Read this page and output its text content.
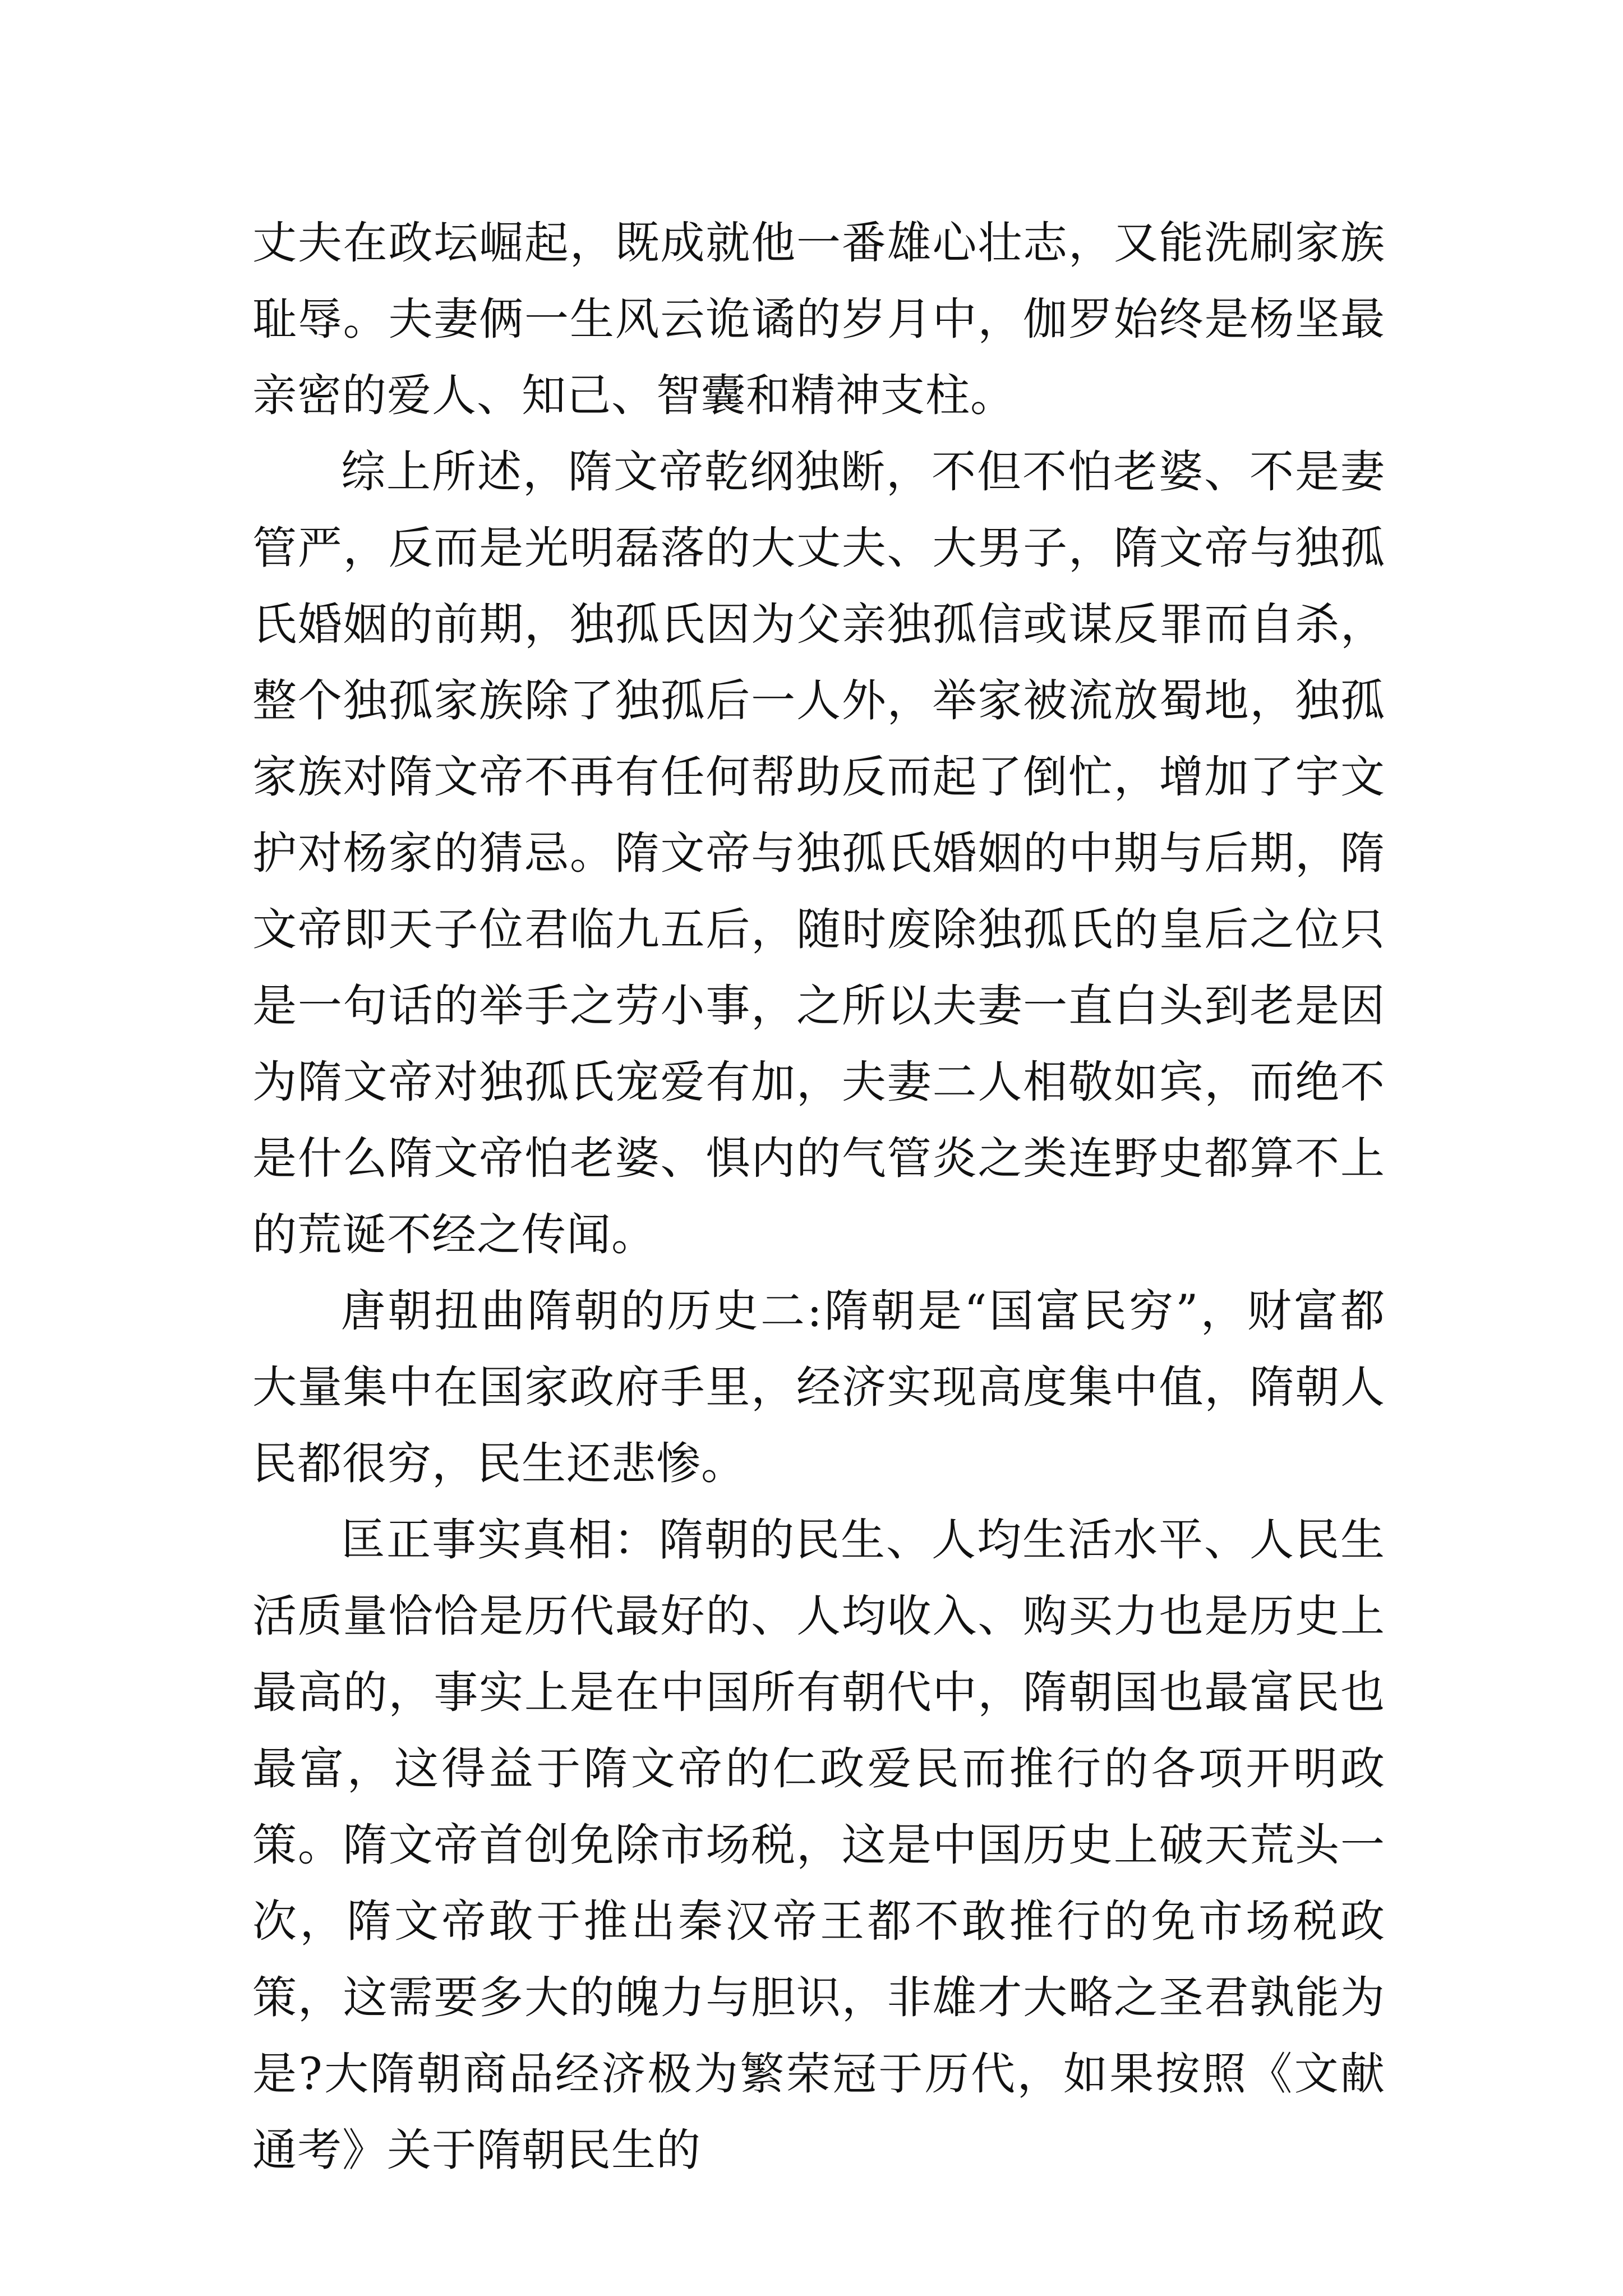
丈夫在政坛崛起，既成就他一番雄心壮志，又能洗刷家族耻辱。夫妻俩一生风云诡谲的岁月中，伽罗始终是杨坚最亲密的爱人、知己、智囊和精神支柱。

综上所述，隋文帝乾纲独断，不但不怕老婆、不是妻管严，反而是光明磊落的大丈夫、大男子，隋文帝与独孤氏婚姻的前期，独孤氏因为父亲独孤信或谋反罪而自杀，整个独孤家族除了独孤后一人外，举家被流放蜀地，独孤家族对隋文帝不再有任何帮助反而起了倒忙，增加了宇文护对杨家的猜忌。隋文帝与独孤氏婚姻的中期与后期，隋文帝即天子位君临九五后，随时废除独孤氏的皇后之位只是一句话的举手之劳小事，之所以夫妻一直白头到老是因为隋文帝对独孤氏宠爱有加，夫妻二人相敬如宾，而绝不是什么隋文帝怕老婆、惧内的气管炎之类连野史都算不上的荒诞不经之传闻。

唐朝扭曲隋朝的历史二:隋朝是“国富民穷”，财富都大量集中在国家政府手里，经济实现高度集中值，隋朝人民都很穷，民生还悲惨。

匡正事实真相：隋朝的民生、人均生活水平、人民生活质量恰恰是历代最好的、人均收入、购买力也是历史上最高的，事实上是在中国所有朝代中，隋朝国也最富民也最富，这得益于隋文帝的仁政爱民而推行的各项开明政策。隋文帝首创免除市场税，这是中国历史上破天荒头一次，隋文帝敢于推出秦汉帝王都不敢推行的免市场税政策，这需要多大的魄力与胆识，非雄才大略之圣君孰能为是?大隋朝商品经济极为繁荣冠于历代，如果按照《文献通考》关于隋朝民生的
